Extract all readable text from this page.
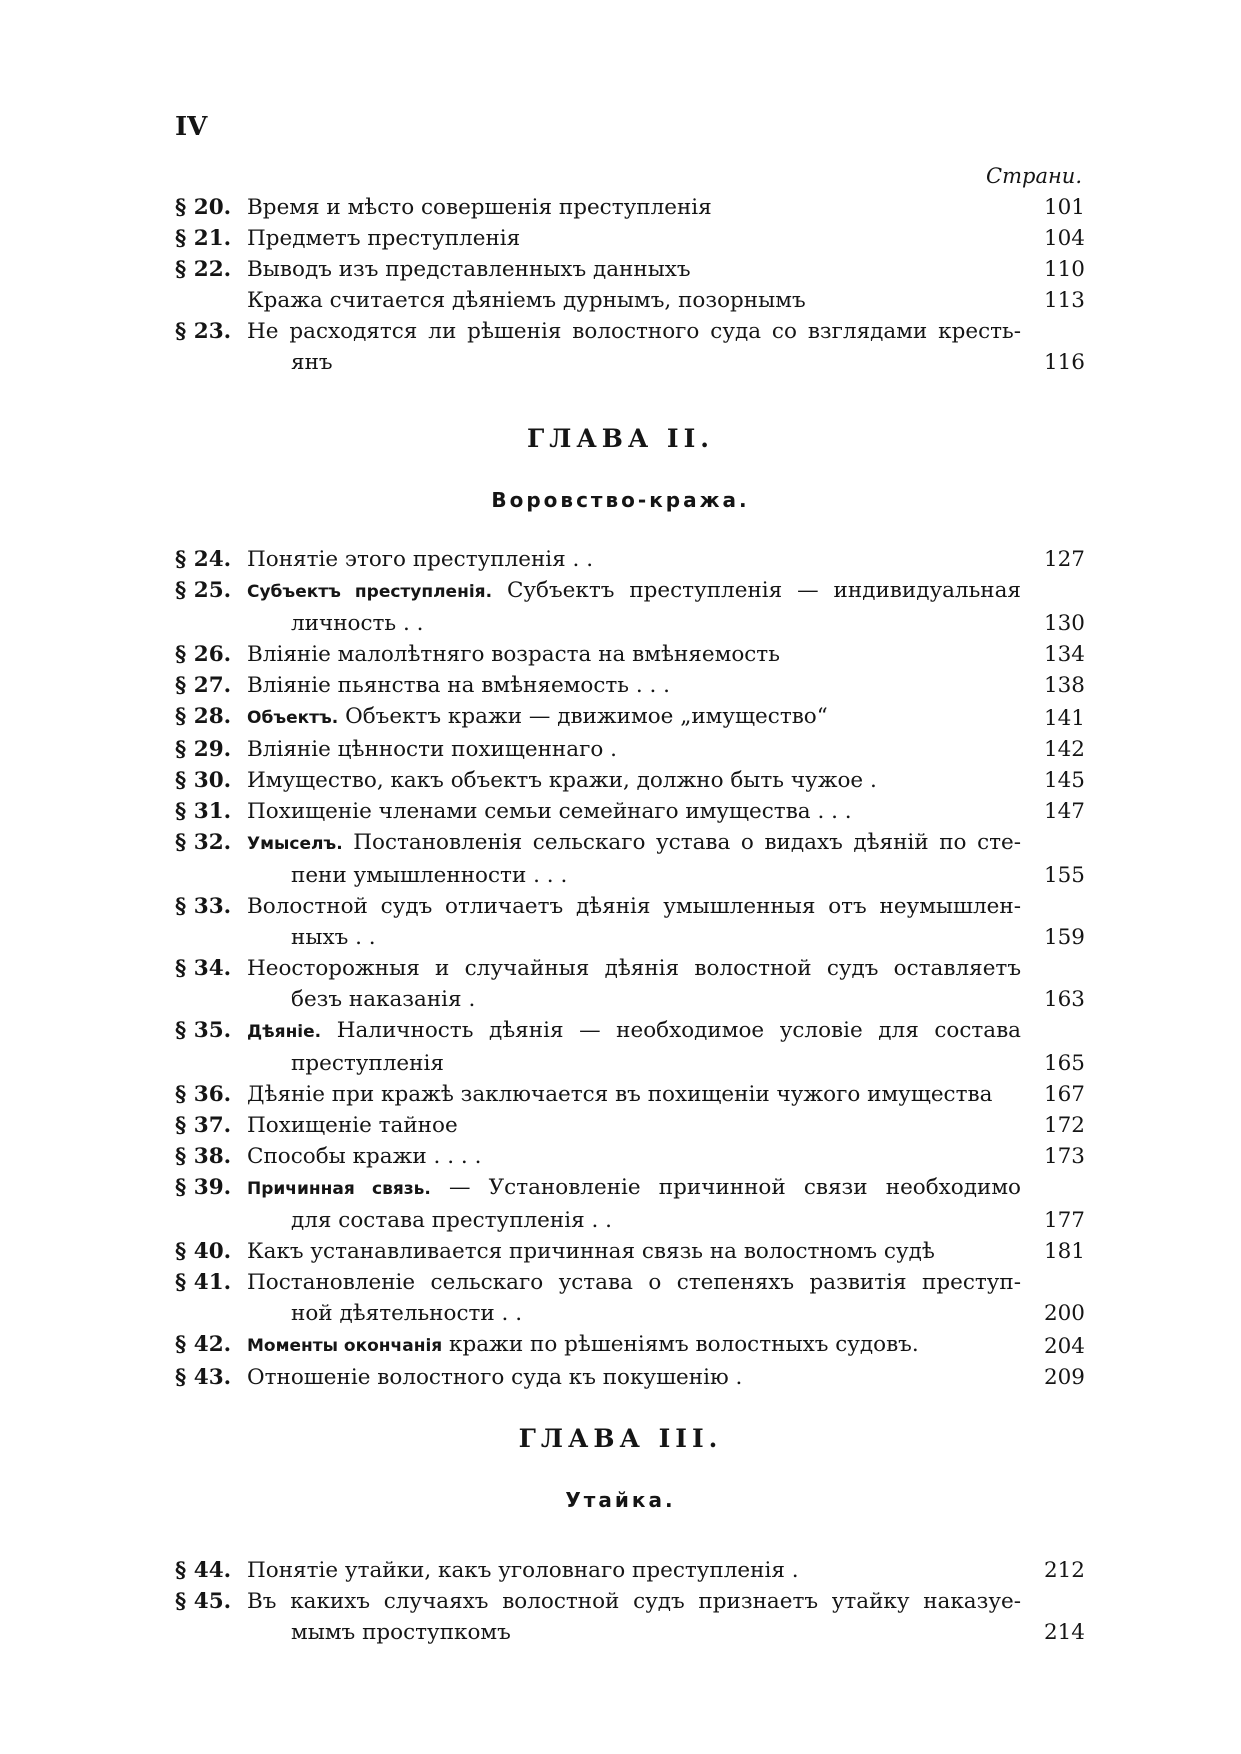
IV
Страни.
§ 20. Время и мѣсто совершенія преступленія	101
§ 21. Предметъ преступленія	104
§ 22. Выводъ изъ представленныхъ данныхъ	110
Кража считается дѣяніемъ дурнымъ, позорнымъ	113
§ 23. Не расходятся ли рѣшенія волостного суда со взглядами кресть-
янъ	116
ГЛАВА II.
Воровство-кража.
§ 24. Понятіе этого преступленія . .	127
§ 25. Субъектъ преступленія. Субъектъ преступленія — индивидуальная
личность . .	130
§ 26. Вліяніе малолѣтняго возраста на вмѣняемость	134
§ 27. Вліяніе пьянства на вмѣняемость . . .	138
§ 28. Объектъ. Объектъ кражи — движимое „имущество“	141
§ 29. Вліяніе цѣнности похищеннаго .	142
§ 30. Имущество, какъ объектъ кражи, должно быть чужое .	145
§ 31. Похищеніе членами семьи семейнаго имущества . . .	147
§ 32. Умыселъ. Постановленія сельскаго устава о видахъ дѣяній по сте-
пени умышленности . . .	155
§ 33. Волостной судъ отличаетъ дѣянія умышленныя отъ неумышлен-
ныхъ . .	159
§ 34. Неосторожныя и случайныя дѣянія волостной судъ оставляетъ
безъ наказанія .	163
§ 35. Дѣяніе. Наличность дѣянія — необходимое условіе для состава
преступленія	165
§ 36. Дѣяніе при кражѣ заключается въ похищеніи чужого имущества	167
§ 37. Похищеніе тайное	172
§ 38. Способы кражи . . . .	173
§ 39. Причинная связь. — Установленіе причинной связи необходимо
для состава преступленія . .	177
§ 40. Какъ устанавливается причинная связь на волостномъ судѣ	181
§ 41. Постановленіе сельскаго устава о степеняхъ развитія преступ-
ной дѣятельности . .	200
§ 42. Моменты окончанія кражи по рѣшеніямъ волостныхъ судовъ.	204
§ 43. Отношеніе волостного суда къ покушенію .	209
ГЛАВА III.
Утайка.
§ 44. Понятіе утайки, какъ уголовнаго преступленія .	212
§ 45. Въ какихъ случаяхъ волостной судъ признаетъ утайку наказуе-
мымъ проступкомъ	214
